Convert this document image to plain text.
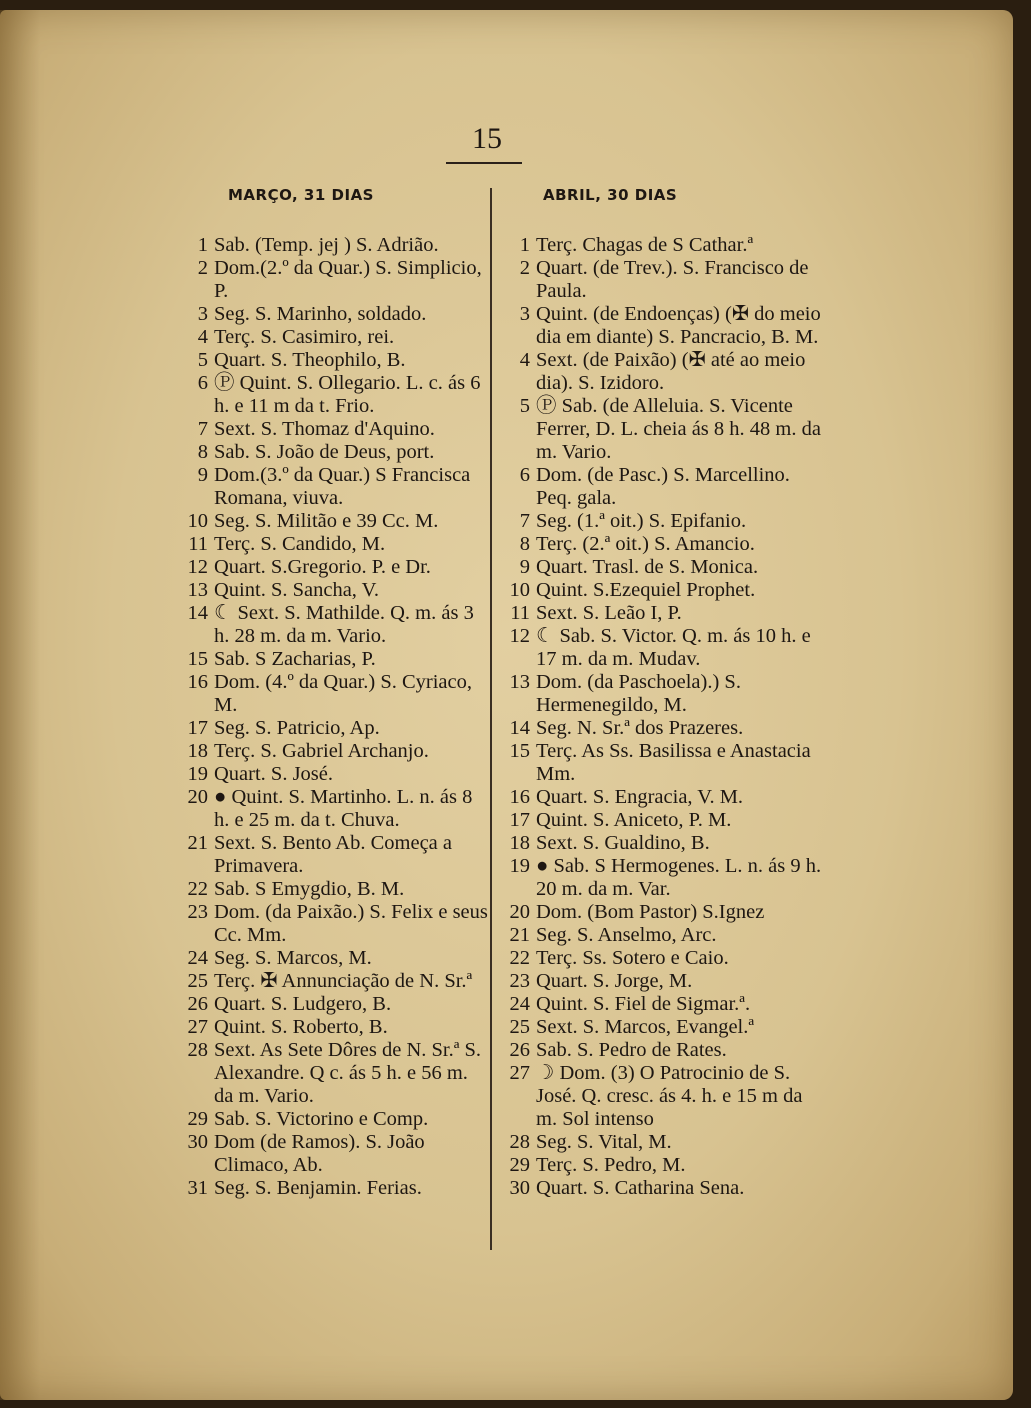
15
MARÇO, 31 DIAS	ABRIL, 30 DIAS
1 Sab. (Temp. jej ) S. Adrião.
2 Dom.(2.º da Quar.) S. Simplicio, P.
3 Seg. S. Marinho, soldado.
4 Terç. S. Casimiro, rei.
5 Quart. S. Theophilo, B.
6 Ⓟ Quint. S. Ollegario. L. c. ás 6 h. e 11 m da t. Frio.
7 Sext. S. Thomaz d'Aquino.
8 Sab. S. João de Deus, port.
9 Dom.(3.º da Quar.) S Francisca Romana, viuva.
10 Seg. S. Militão e 39 Cc. M.
11 Terç. S. Candido, M.
12 Quart. S.Gregorio. P. e Dr.
13 Quint. S. Sancha, V.
14 ☾ Sext. S. Mathilde. Q. m. ás 3 h. 28 m. da m. Vario.
15 Sab. S Zacharias, P.
16 Dom. (4.º da Quar.) S. Cyriaco, M.
17 Seg. S. Patricio, Ap.
18 Terç. S. Gabriel Archanjo.
19 Quart. S. José.
20 ● Quint. S. Martinho. L. n. ás 8 h. e 25 m. da t. Chuva.
21 Sext. S. Bento Ab. Começa a Primavera.
22 Sab. S Emygdio, B. M.
23 Dom. (da Paixão.) S. Felix e seus Cc. Mm.
24 Seg. S. Marcos, M.
25 Terç. ✠ Annunciação de N. Sr.ª
26 Quart. S. Ludgero, B.
27 Quint. S. Roberto, B.
28 Sext. As Sete Dôres de N. Sr.ª S. Alexandre. Q c. ás 5 h. e 56 m. da m. Vario.
29 Sab. S. Victorino e Comp.
30 Dom (de Ramos). S. João Climaco, Ab.
31 Seg. S. Benjamin. Ferias.
1 Terç. Chagas de S Cathar.ª
2 Quart. (de Trev.). S. Francisco de Paula.
3 Quint. (de Endoenças) (✠ do meio dia em diante) S. Pancracio, B. M.
4 Sext. (de Paixão) (✠ até ao meio dia). S. Izidoro.
5 Ⓟ Sab. (de Alleluia. S. Vicente Ferrer, D. L. cheia ás 8 h. 48 m. da m. Vario.
6 Dom. (de Pasc.) S. Marcellino. Peq. gala.
7 Seg. (1.ª oit.) S. Epifanio.
8 Terç. (2.ª oit.) S. Amancio.
9 Quart. Trasl. de S. Monica.
10 Quint. S.Ezequiel Prophet.
11 Sext. S. Leão I, P.
12 ☾ Sab. S. Victor. Q. m. ás 10 h. e 17 m. da m. Mudav.
13 Dom. (da Paschoela).) S. Hermenegildo, M.
14 Seg. N. Sr.ª dos Prazeres.
15 Terç. As Ss. Basilissa e Anastacia Mm.
16 Quart. S. Engracia, V. M.
17 Quint. S. Aniceto, P. M.
18 Sext. S. Gualdino, B.
19 ● Sab. S Hermogenes. L. n. ás 9 h. 20 m. da m. Var.
20 Dom. (Bom Pastor) S.Ignez
21 Seg. S. Anselmo, Arc.
22 Terç. Ss. Sotero e Caio.
23 Quart. S. Jorge, M.
24 Quint. S. Fiel de Sigmar.ª.
25 Sext. S. Marcos, Evangel.ª
26 Sab. S. Pedro de Rates.
27 ☽ Dom. (3) O Patrocinio de S. José. Q. cresc. ás 4. h. e 15 m da m. Sol intenso
28 Seg. S. Vital, M.
29 Terç. S. Pedro, M.
30 Quart. S. Catharina Sena.
